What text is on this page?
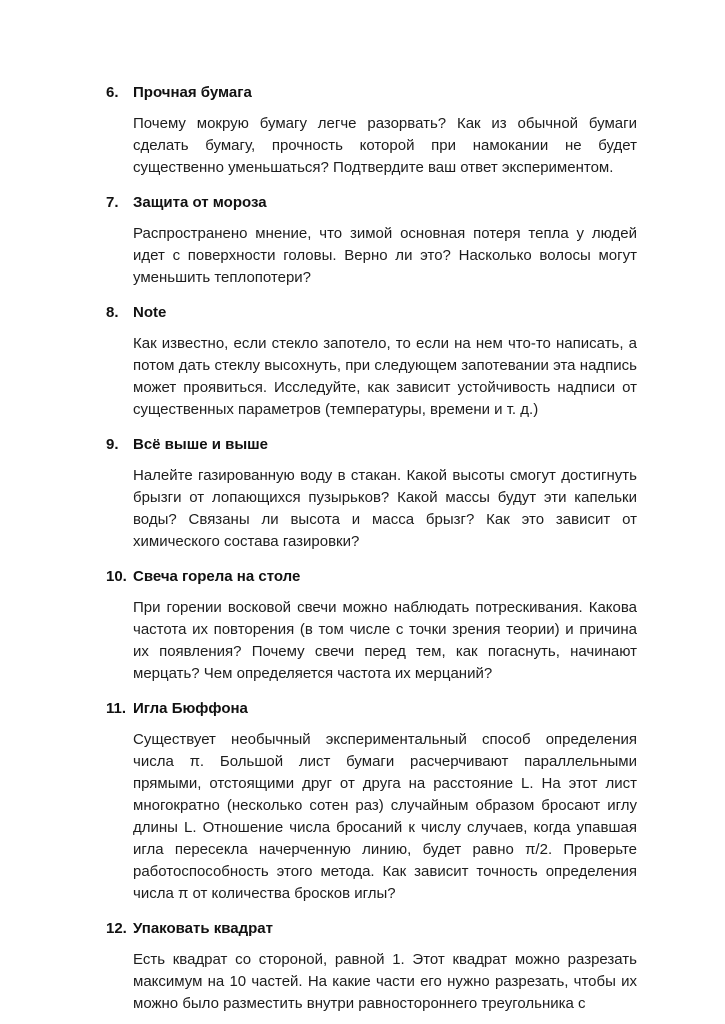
6. Прочная бумага

Почему мокрую бумагу легче разорвать? Как из обычной бумаги сделать бумагу, прочность которой при намокании не будет существенно уменьшаться? Подтвердите ваш ответ экспериментом.

7. Защита от мороза

Распространено мнение, что зимой основная потеря тепла у людей идет с поверхности головы. Верно ли это? Насколько волосы могут уменьшить теплопотери?

8. Note

Как известно, если стекло запотело, то если на нем что-то написать, а потом дать стеклу высохнуть, при следующем запотевании эта надпись может проявиться. Исследуйте, как зависит устойчивость надписи от существенных параметров (температуры, времени и т. д.)

9. Всё выше и выше

Налейте газированную воду в стакан. Какой высоты смогут достигнуть брызги от лопающихся пузырьков? Какой массы будут эти капельки воды? Связаны ли высота и масса брызг? Как это зависит от химического состава газировки?

10. Свеча горела на столе

При горении восковой свечи можно наблюдать потрескивания. Какова частота их повторения (в том числе с точки зрения теории) и причина их появления? Почему свечи перед тем, как погаснуть, начинают мерцать? Чем определяется частота их мерцаний?

11. Игла Бюффона

Существует необычный экспериментальный способ определения числа π. Большой лист бумаги расчерчивают параллельными прямыми, отстоящими друг от друга на расстояние L. На этот лист многократно (несколько сотен раз) случайным образом бросают иглу длины L. Отношение числа бросаний к числу случаев, когда упавшая игла пересекла начерченную линию, будет равно π/2. Проверьте работоспособность этого метода. Как зависит точность определения числа π от количества бросков иглы?

12. Упаковать квадрат

Есть квадрат со стороной, равной 1. Этот квадрат можно разрезать максимум на 10 частей. На какие части его нужно разрезать, чтобы их можно было разместить внутри равностороннего треугольника с
